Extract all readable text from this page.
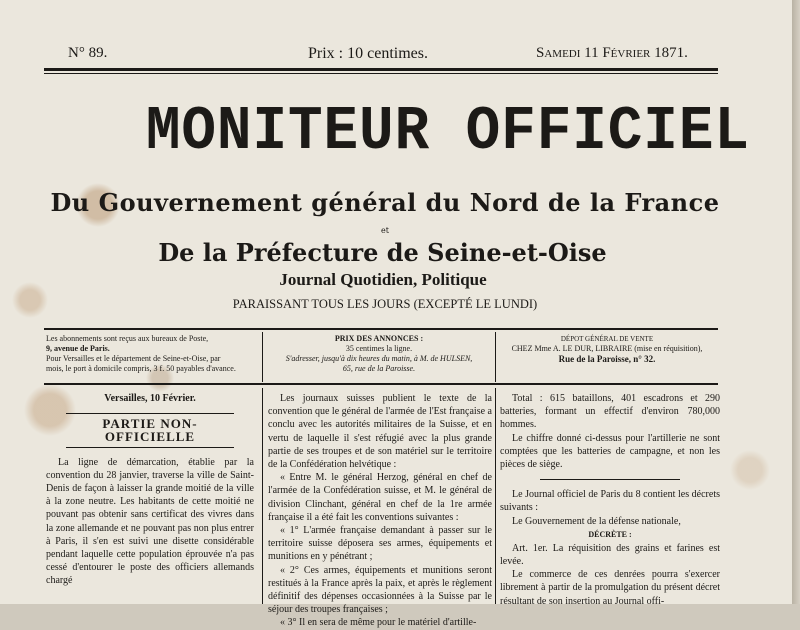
N° 89.	Prix : 10 centimes.	Samedi 11 Février 1871.
MONITEUR OFFICIEL
Du Gouvernement général du Nord de la France
et
De la Préfecture de Seine-et-Oise
Journal Quotidien, Politique
PARAISSANT TOUS LES JOURS (EXCEPTÉ LE LUNDI)
Les abonnements sont reçus aux bureaux de Poste,
9, avenue de Paris.
Pour Versailles et le département de Seine-et-Oise, par
mois, le port à domicile compris, 3 f. 50 payables d'avance.
PRIX DES ANNONCES :
35 centimes la ligne.
S'adresser, jusqu'à dix heures du matin, à M. de HULSEN,
65, rue de la Paroisse.
DÉPOT GÉNÉRAL DE VENTE
CHEZ Mme A. LE DUR, LIBRAIRE (mise en réquisition),
Rue de la Paroisse, n° 32.
Versailles, 10 Février.
PARTIE NON-OFFICIELLE

La ligne de démarcation, établie par la convention du 28 janvier, traverse la ville de Saint-Denis de façon à laisser la grande moitié de la ville à la zone neutre. Les habitants de cette moitié ne pouvant pas obtenir sans certificat des vivres dans la zone allemande et ne pouvant pas non plus entrer à Paris, il s'en est suivi une disette considérable pendant laquelle cette population éprouvée n'a pas cessé d'entourer le poste des officiers allemands chargé

Les journaux suisses publient le texte de la convention que le général de l'armée de l'Est française a conclu avec les autorités militaires de la Suisse, et en vertu de laquelle il s'est réfugié avec la plus grande partie de ses troupes et de son matériel sur le territoire de la Confédération helvétique :

« Entre M. le général Herzog, général en chef de l'armée de la Confédération suisse, et M. le général de division Clinchant, général en chef de la 1re armée française il a été fait les conventions suivantes :

« 1° L'armée française demandant à passer sur le territoire suisse déposera ses armes, équipements et munitions en y pénétrant ;

« 2° Ces armes, équipements et munitions seront restitués à la France après la paix, et après le règlement définitif des dépenses occasionnées à la Suisse par le séjour des troupes françaises ;

« 3° Il en sera de même pour le matériel d'artille-

Total : 615 bataillons, 401 escadrons et 290 batteries, formant un effectif d'environ 780,000 hommes.

Le chiffre donné ci-dessus pour l'artillerie ne sont comptées que les batteries de campagne, et non les pièces de siège.

Le Journal officiel de Paris du 8 contient les décrets suivants :

Le Gouvernement de la défense nationale,

DÉCRÈTE :

Art. 1er. La réquisition des grains et farines est levée.

Le commerce de ces denrées pourra s'exercer librement à partir de la promulgation du présent décret résultant de son insertion au Journal offi-
